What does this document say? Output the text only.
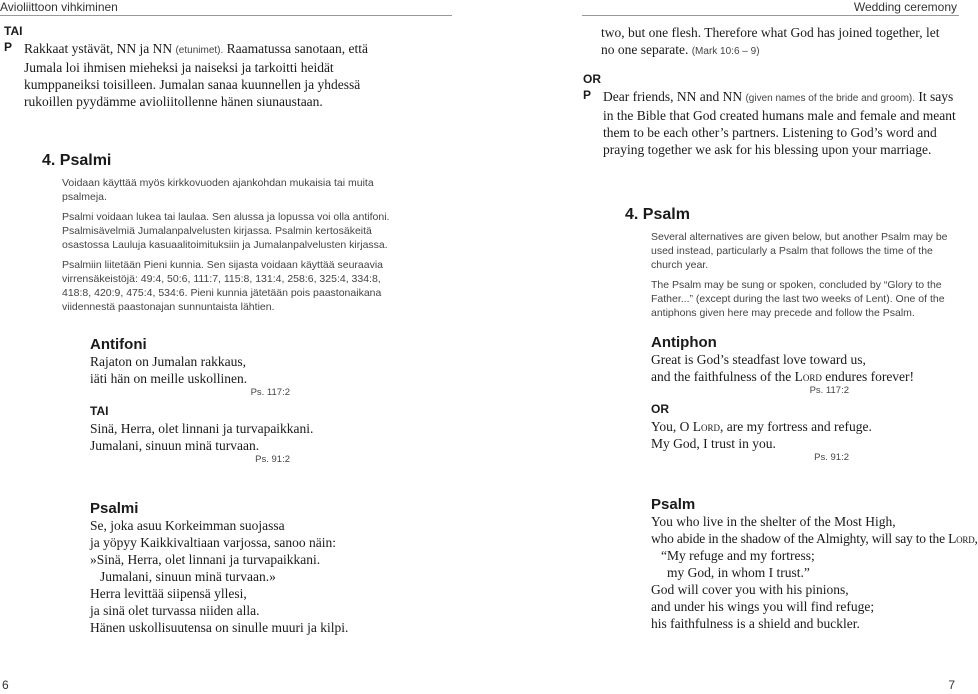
Avioliittoon vihkiminen	Wedding ceremony
TAI
P Rakkaat ystävät, NN ja NN (etunimet). Raamatussa sanotaan, että Jumala loi ihmisen mieheksi ja naiseksi ja tarkoitti heidät kumppaneiksi toisilleen. Jumalan sanaa kuunnellen ja yhdessä rukoillen pyydämme avioliitollenne hänen siunaustaan.

4. Psalmi

Voidaan käyttää myös kirkkovuoden ajankohdan mukaisia tai muita psalmeja.

Psalmi voidaan lukea tai laulaa. Sen alussa ja lopussa voi olla antifoni. Psalmisävelmiä Jumalanpalvelusten kirjassa. Psalmin kertosäkeitä osastossa Lauluja kasuaalitoimituksiin ja Jumalanpalvelusten kirjassa.

Psalmiin liitetään Pieni kunnia. Sen sijasta voidaan käyttää seuraavia virrensäkeistöjä: 49:4, 50:6, 111:7, 115:8, 131:4, 258:6, 325:4, 334:8, 418:8, 420:9, 475:4, 534:6. Pieni kunnia jätetään pois paastonaikana viidennestä paastonajan sunnuntaista lähtien.

Antifoni

Rajaton on Jumalan rakkaus,

iäti hän on meille uskollinen.

Ps. 117:2
TAI

Sinä, Herra, olet linnani ja turvapaikkani.

Jumalani, sinuun minä turvaan.

Ps. 91:2
Psalmi

Se, joka asuu Korkeimman suojassa

ja yöpyy Kaikkivaltiaan varjossa, sanoo näin:

»Sinä, Herra, olet linnani ja turvapaikkani.

Jumalani, sinuun minä turvaan.»

Herra levittää siipensä yllesi,

ja sinä olet turvassa niiden alla.

Hänen uskollisuutensa on sinulle muuri ja kilpi.

two, but one flesh. Therefore what God has joined together, let no one separate. (Mark 10:6 – 9)

OR
P Dear friends, NN and NN (given names of the bride and groom). It says in the Bible that God created humans male and female and meant them to be each other’s partners. Listening to God’s word and praying together we ask for his blessing upon your marriage.

4. Psalm

Several alternatives are given below, but another Psalm may be used instead, particularly a Psalm that follows the time of the church year.

The Psalm may be sung or spoken, concluded by “Glory to the Father...” (except during the last two weeks of Lent). One of the antiphons given here may precede and follow the Psalm.

Antiphon

Great is God’s steadfast love toward us,

and the faithfulness of the Lord endures forever!

Ps. 117:2
OR

You, O Lord, are my fortress and refuge.

My God, I trust in you.

Ps. 91:2
Psalm

You who live in the shelter of the Most High,

who abide in the shadow of the Almighty, will say to the Lord,

“My refuge and my fortress;

my God, in whom I trust.”

God will cover you with his pinions,

and under his wings you will find refuge;

his faithfulness is a shield and buckler.

6	7
